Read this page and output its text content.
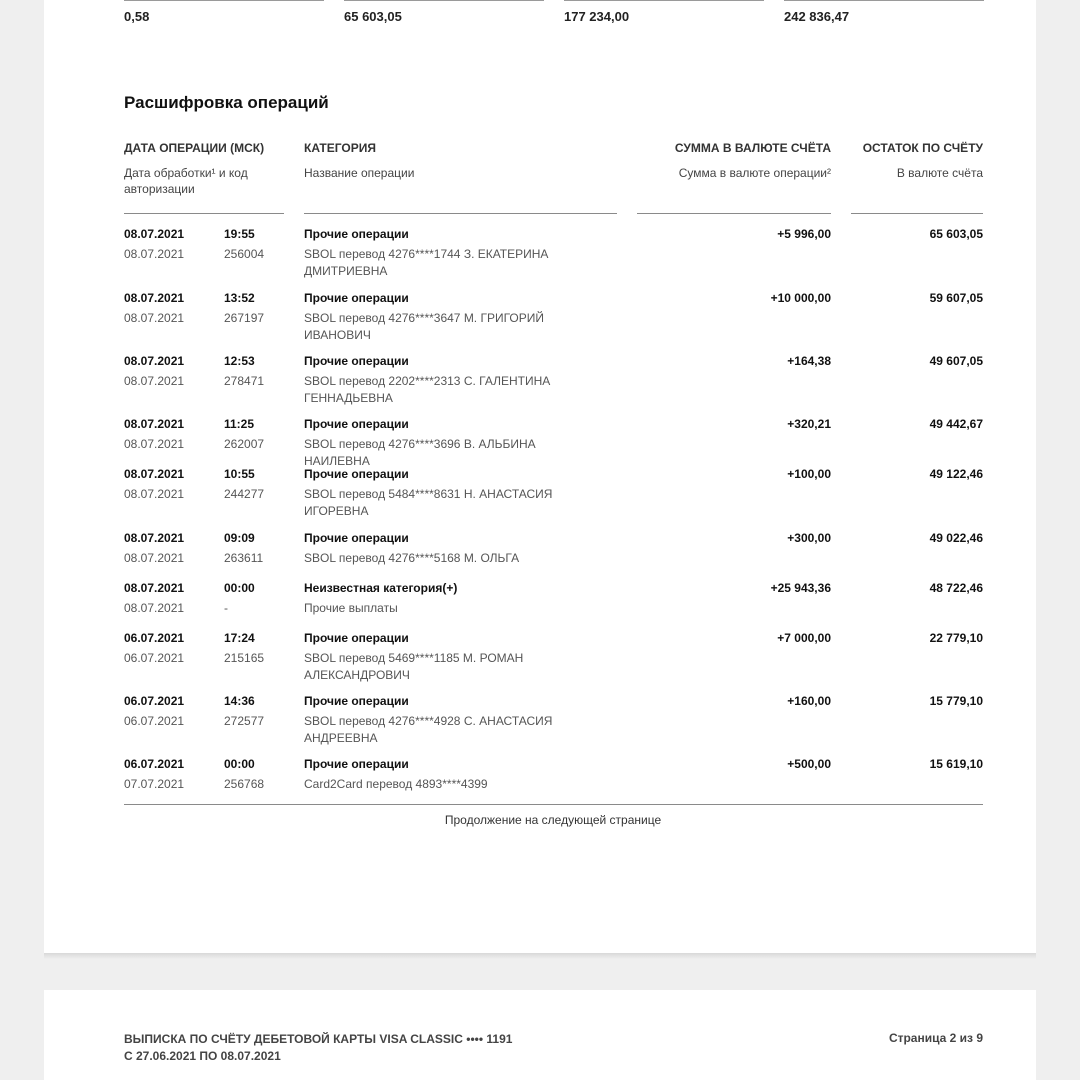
0,58	65 603,05	177 234,00	242 836,47
Расшифровка операций
ДАТА ОПЕРАЦИИ (МСК)
Дата обработки¹ и код авторизации
КАТЕГОРИЯ
Название операции
СУММА В ВАЛЮТЕ СЧЁТА
Сумма в валюте операции²
ОСТАТОК ПО СЧЁТУ
В валюте счёта
08.07.2021	19:55
08.07.2021	256004
Прочие операции
SBOL перевод 4276****1744 З. ЕКАТЕРИНА ДМИТРИЕВНА
+5 996,00	65 603,05
08.07.2021	13:52
08.07.2021	267197
Прочие операции
SBOL перевод 4276****3647 М. ГРИГОРИЙ ИВАНОВИЧ
+10 000,00	59 607,05
08.07.2021	12:53
08.07.2021	278471
Прочие операции
SBOL перевод 2202****2313 С. ГАЛЕНТИНА ГЕННАДЬЕВНА
+164,38	49 607,05
08.07.2021	11:25
08.07.2021	262007
Прочие операции
SBOL перевод 4276****3696 В. АЛЬБИНА НАИЛЕВНА
+320,21	49 442,67
08.07.2021	10:55
08.07.2021	244277
Прочие операции
SBOL перевод 5484****8631 Н. АНАСТАСИЯ ИГОРЕВНА
+100,00	49 122,46
08.07.2021	09:09
08.07.2021	263611
Прочие операции
SBOL перевод 4276****5168 М. ОЛЬГА
+300,00	49 022,46
08.07.2021	00:00
08.07.2021	-
Неизвестная категория(+)
Прочие выплаты
+25 943,36	48 722,46
06.07.2021	17:24
06.07.2021	215165
Прочие операции
SBOL перевод 5469****1185 М. РОМАН АЛЕКСАНДРОВИЧ
+7 000,00	22 779,10
06.07.2021	14:36
06.07.2021	272577
Прочие операции
SBOL перевод 4276****4928 С. АНАСТАСИЯ АНДРЕЕВНА
+160,00	15 779,10
06.07.2021	00:00
07.07.2021	256768
Прочие операции
Card2Card перевод 4893****4399
+500,00	15 619,10
Продолжение на следующей странице
ВЫПИСКА ПО СЧЁТУ ДЕБЕТОВОЙ КАРТЫ VISA CLASSIC •••• 1191
С 27.06.2021 ПО 08.07.2021
Страница 2 из 9
